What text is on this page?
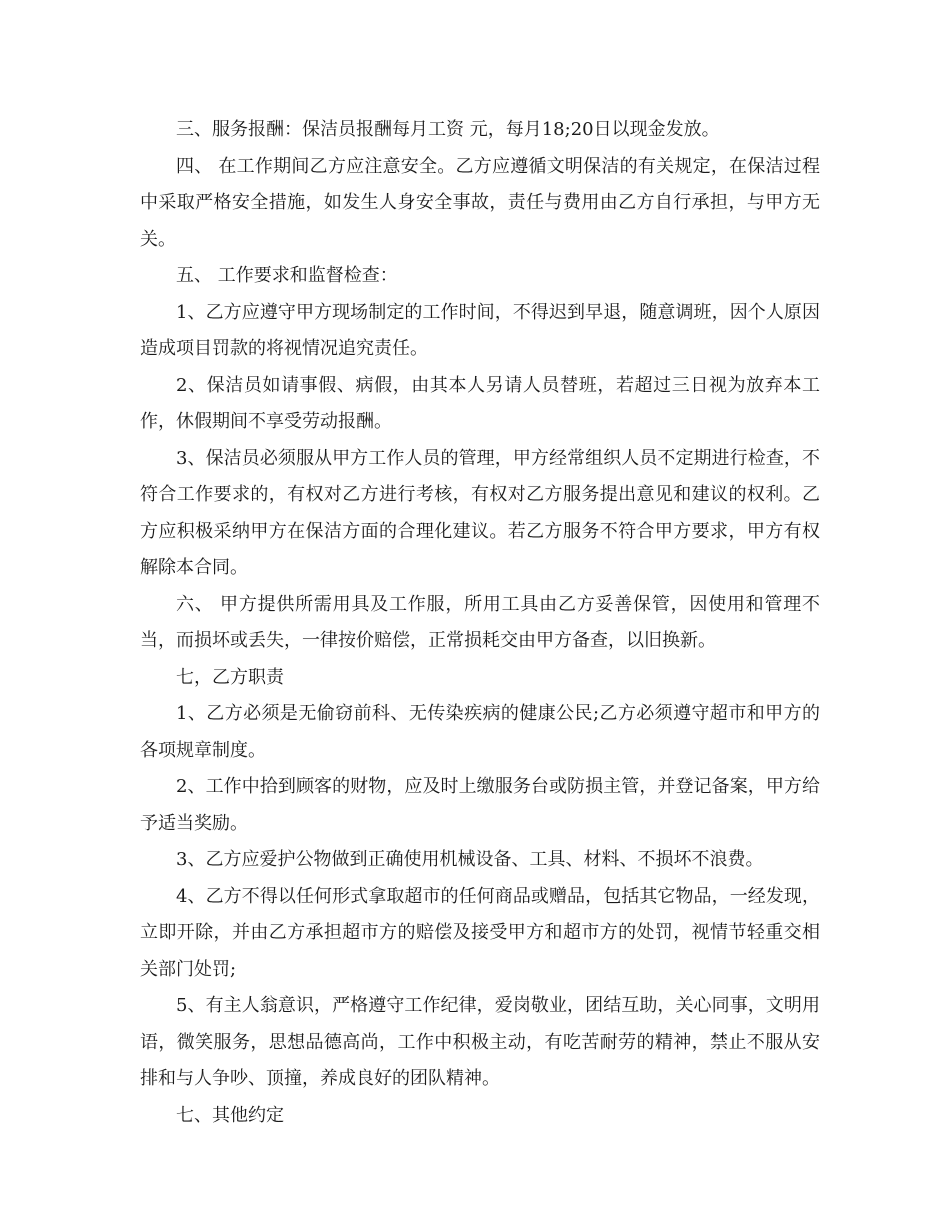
三、服务报酬：保洁员报酬每月工资 元，每月18;20日以现金发放。

四、 在工作期间乙方应注意安全。乙方应遵循文明保洁的有关规定，在保洁过程中采取严格安全措施，如发生人身安全事故，责任与费用由乙方自行承担，与甲方无关。

五、 工作要求和监督检查：

1、乙方应遵守甲方现场制定的工作时间，不得迟到早退，随意调班，因个人原因造成项目罚款的将视情况追究责任。

2、保洁员如请事假、病假，由其本人另请人员替班，若超过三日视为放弃本工作，休假期间不享受劳动报酬。

3、保洁员必须服从甲方工作人员的管理，甲方经常组织人员不定期进行检查，不符合工作要求的，有权对乙方进行考核，有权对乙方服务提出意见和建议的权利。乙方应积极采纳甲方在保洁方面的合理化建议。若乙方服务不符合甲方要求，甲方有权解除本合同。

六、 甲方提供所需用具及工作服，所用工具由乙方妥善保管，因使用和管理不当，而损坏或丢失，一律按价赔偿，正常损耗交由甲方备查，以旧换新。

七，乙方职责

1、乙方必须是无偷窃前科、无传染疾病的健康公民;乙方必须遵守超市和甲方的各项规章制度。

2、工作中拾到顾客的财物，应及时上缴服务台或防损主管，并登记备案，甲方给予适当奖励。

3、乙方应爱护公物做到正确使用机械设备、工具、材料、不损坏不浪费。

4、乙方不得以任何形式拿取超市的任何商品或赠品，包括其它物品，一经发现，立即开除，并由乙方承担超市方的赔偿及接受甲方和超市方的处罚，视情节轻重交相关部门处罚;

5、有主人翁意识，严格遵守工作纪律，爱岗敬业，团结互助，关心同事，文明用语，微笑服务，思想品德高尚，工作中积极主动，有吃苦耐劳的精神，禁止不服从安排和与人争吵、顶撞，养成良好的团队精神。

七、其他约定
